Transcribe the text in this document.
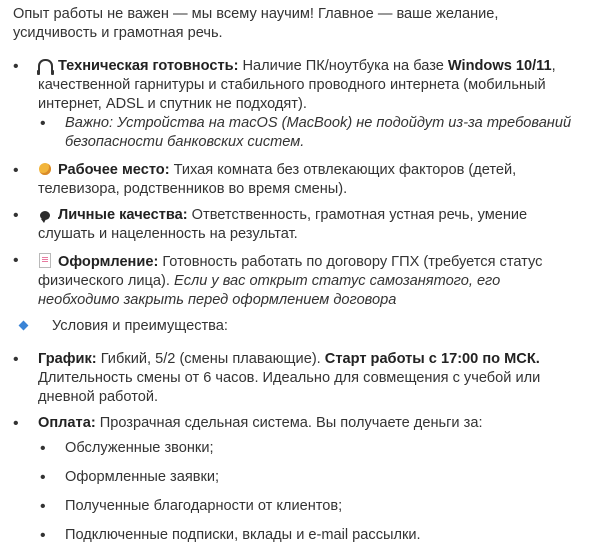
Опыт работы не важен — мы всему научим! Главное — ваше желание, усидчивость и грамотная речь.

•	Техническая готовность: Наличие ПК/ноутбука на базе Windows 10/11, качественной гарнитуры и стабильного проводного интернета (мобильный интернет, ADSL и спутник не подходят).
• Важно: Устройства на macOS (MacBook) не подойдут из-за требований безопасности банковских систем.
•	Рабочее место: Тихая комната без отвлекающих факторов (детей, телевизора, родственников во время смены).
•	Личные качества: Ответственность, грамотная устная речь, умение слушать и нацеленность на результат.
•	Оформление: Готовность работать по договору ГПХ (требуется статус физического лица). Если у вас открыт статус самозанятого, его необходимо закрыть перед оформлением договора
Условия и преимущества:
• График: Гибкий, 5/2 (смены плавающие). Старт работы с 17:00 по МСК. Длительность смены от 6 часов. Идеально для совмещения с учебой или дневной работой.
• Оплата: Прозрачная сдельная система. Вы получаете деньги за:
• Обслуженные звонки;
• Оформленные заявки;
• Полученные благодарности от клиентов;
• Подключенные подписки, вклады и e-mail рассылки.
